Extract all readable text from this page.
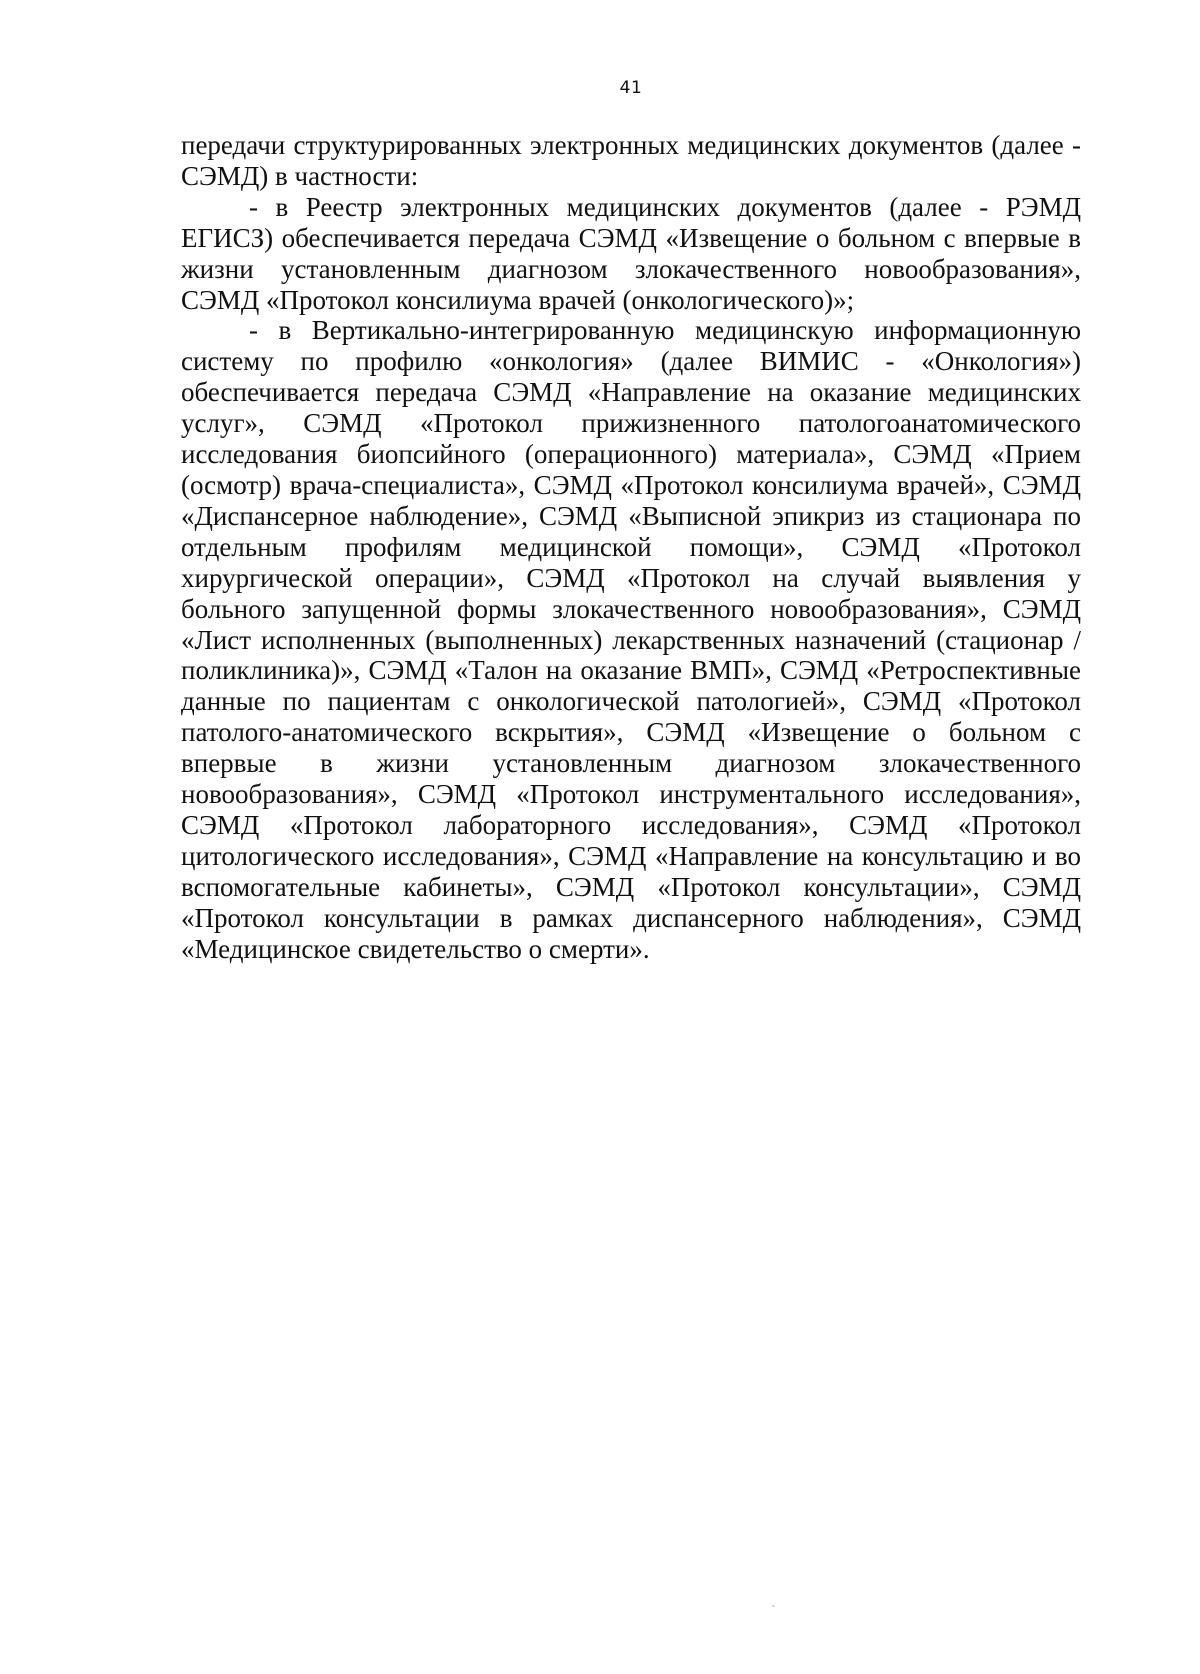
41

передачи структурированных электронных медицинских документов (далее - СЭМД) в частности:

- в Реестр электронных медицинских документов (далее - РЭМД ЕГИСЗ) обеспечивается передача СЭМД «Извещение о больном с впервые в жизни установленным диагнозом злокачественного новообразования», СЭМД «Протокол консилиума врачей (онкологического)»;

- в Вертикально-интегрированную медицинскую информационную систему по профилю «онкология» (далее ВИМИС - «Онкология») обеспечивается передача СЭМД «Направление на оказание медицинских услуг», СЭМД «Протокол прижизненного патологоанатомического исследования биопсийного (операционного) материала», СЭМД «Прием (осмотр) врача-специалиста», СЭМД «Протокол консилиума врачей», СЭМД «Диспансерное наблюдение», СЭМД «Выписной эпикриз из стационара по отдельным профилям медицинской помощи», СЭМД «Протокол хирургической операции», СЭМД «Протокол на случай выявления у больного запущенной формы злокачественного новообразования», СЭМД «Лист исполненных (выполненных) лекарственных назначений (стационар / поликлиника)», СЭМД «Талон на оказание ВМП», СЭМД «Ретроспективные данные по пациентам с онкологической патологией», СЭМД «Протокол патолого-анатомического вскрытия», СЭМД «Извещение о больном с впервые в жизни установленным диагнозом злокачественного новообразования», СЭМД «Протокол инструментального исследования», СЭМД «Протокол лабораторного исследования», СЭМД «Протокол цитологического исследования», СЭМД «Направление на консультацию и во вспомогательные кабинеты», СЭМД «Протокол консультации», СЭМД «Протокол консультации в рамках диспансерного наблюдения», СЭМД «Медицинское свидетельство о смерти».
